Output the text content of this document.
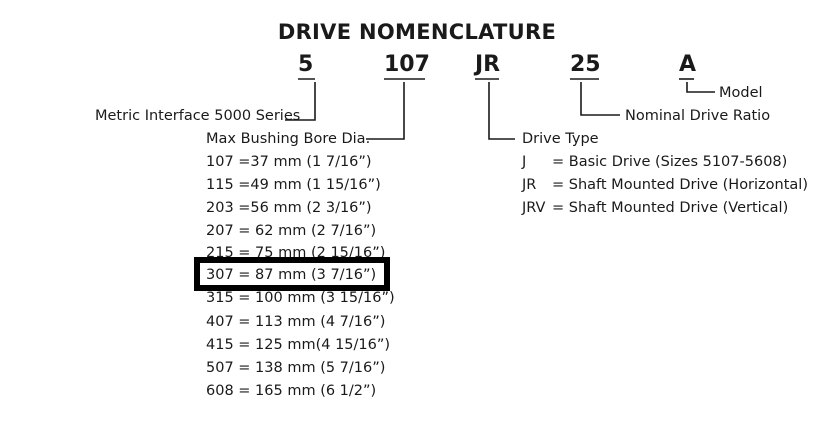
DRIVE NOMENCLATURE
5	107 JR	25	A
Metric Interface 5000 Series
Max Bushing Bore Dia.	Drive Type
Nominal Drive Ratio
Model
107 =37 mm (1 7/16”)
115 =49 mm (1 15/16”)
203 =56 mm (2 3/16”)
207 = 62 mm (2 7/16”)
215 = 75 mm (2 15/16”)
307 = 87 mm (3 7/16”)
315 = 100 mm (3 15/16”)
407 = 113 mm (4 7/16”)
415 = 125 mm(4 15/16”)
507 = 138 mm (5 7/16”)
608 = 165 mm (6 1/2”)
J = Basic Drive (Sizes 5107-5608)
JR = Shaft Mounted Drive (Horizontal)
JRV = Shaft Mounted Drive (Vertical)
